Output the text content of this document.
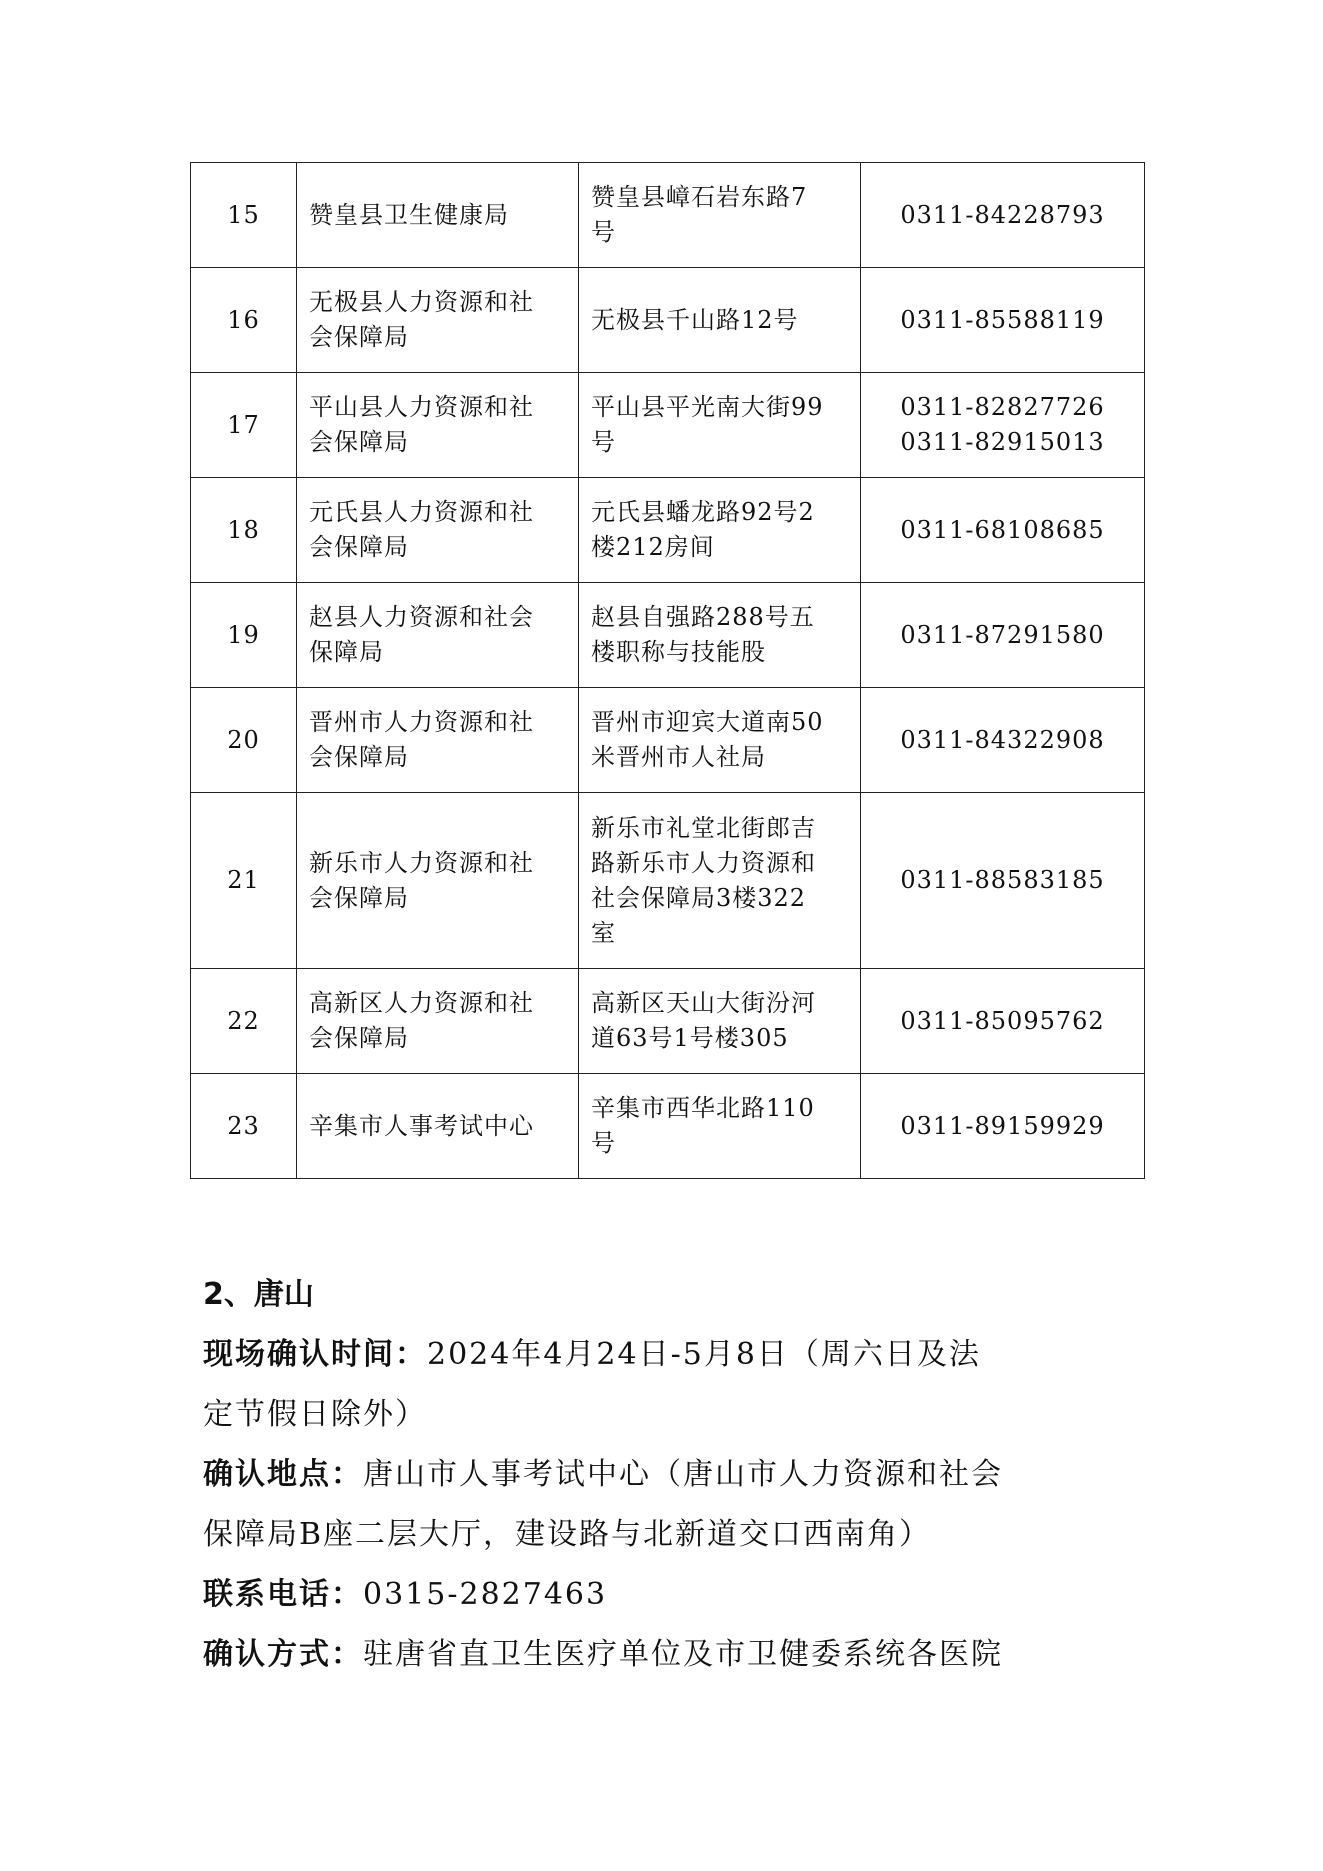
15	赞皇县卫生健康局	赞皇县嶂石岩东路7
号	0311-84228793

16	无极县人力资源和社
会保障局	无极县千山路12号	0311-85588119

17	平山县人力资源和社
会保障局	平山县平光南大街99
号	0311-82827726
0311-82915013

18	元氏县人力资源和社
会保障局	元氏县蟠龙路92号2
楼212房间	0311-68108685

19	赵县人力资源和社会
保障局	赵县自强路288号五
楼职称与技能股	0311-87291580

20	晋州市人力资源和社
会保障局	晋州市迎宾大道南50
米晋州市人社局	0311-84322908

21	新乐市人力资源和社
会保障局	新乐市礼堂北街郎吉
路新乐市人力资源和
社会保障局3楼322
室	0311-88583185

22	高新区人力资源和社
会保障局	高新区天山大街汾河
道63号1号楼305	0311-85095762

23	辛集市人事考试中心	辛集市西华北路110
号	0311-89159929

2、唐山

现场确认时间：2024年4月24日-5月8日（周六日及法
定节假日除外）

确认地点：唐山市人事考试中心（唐山市人力资源和社会
保障局B座二层大厅，建设路与北新道交口西南角）

联系电话：0315-2827463

确认方式：驻唐省直卫生医疗单位及市卫健委系统各医院
